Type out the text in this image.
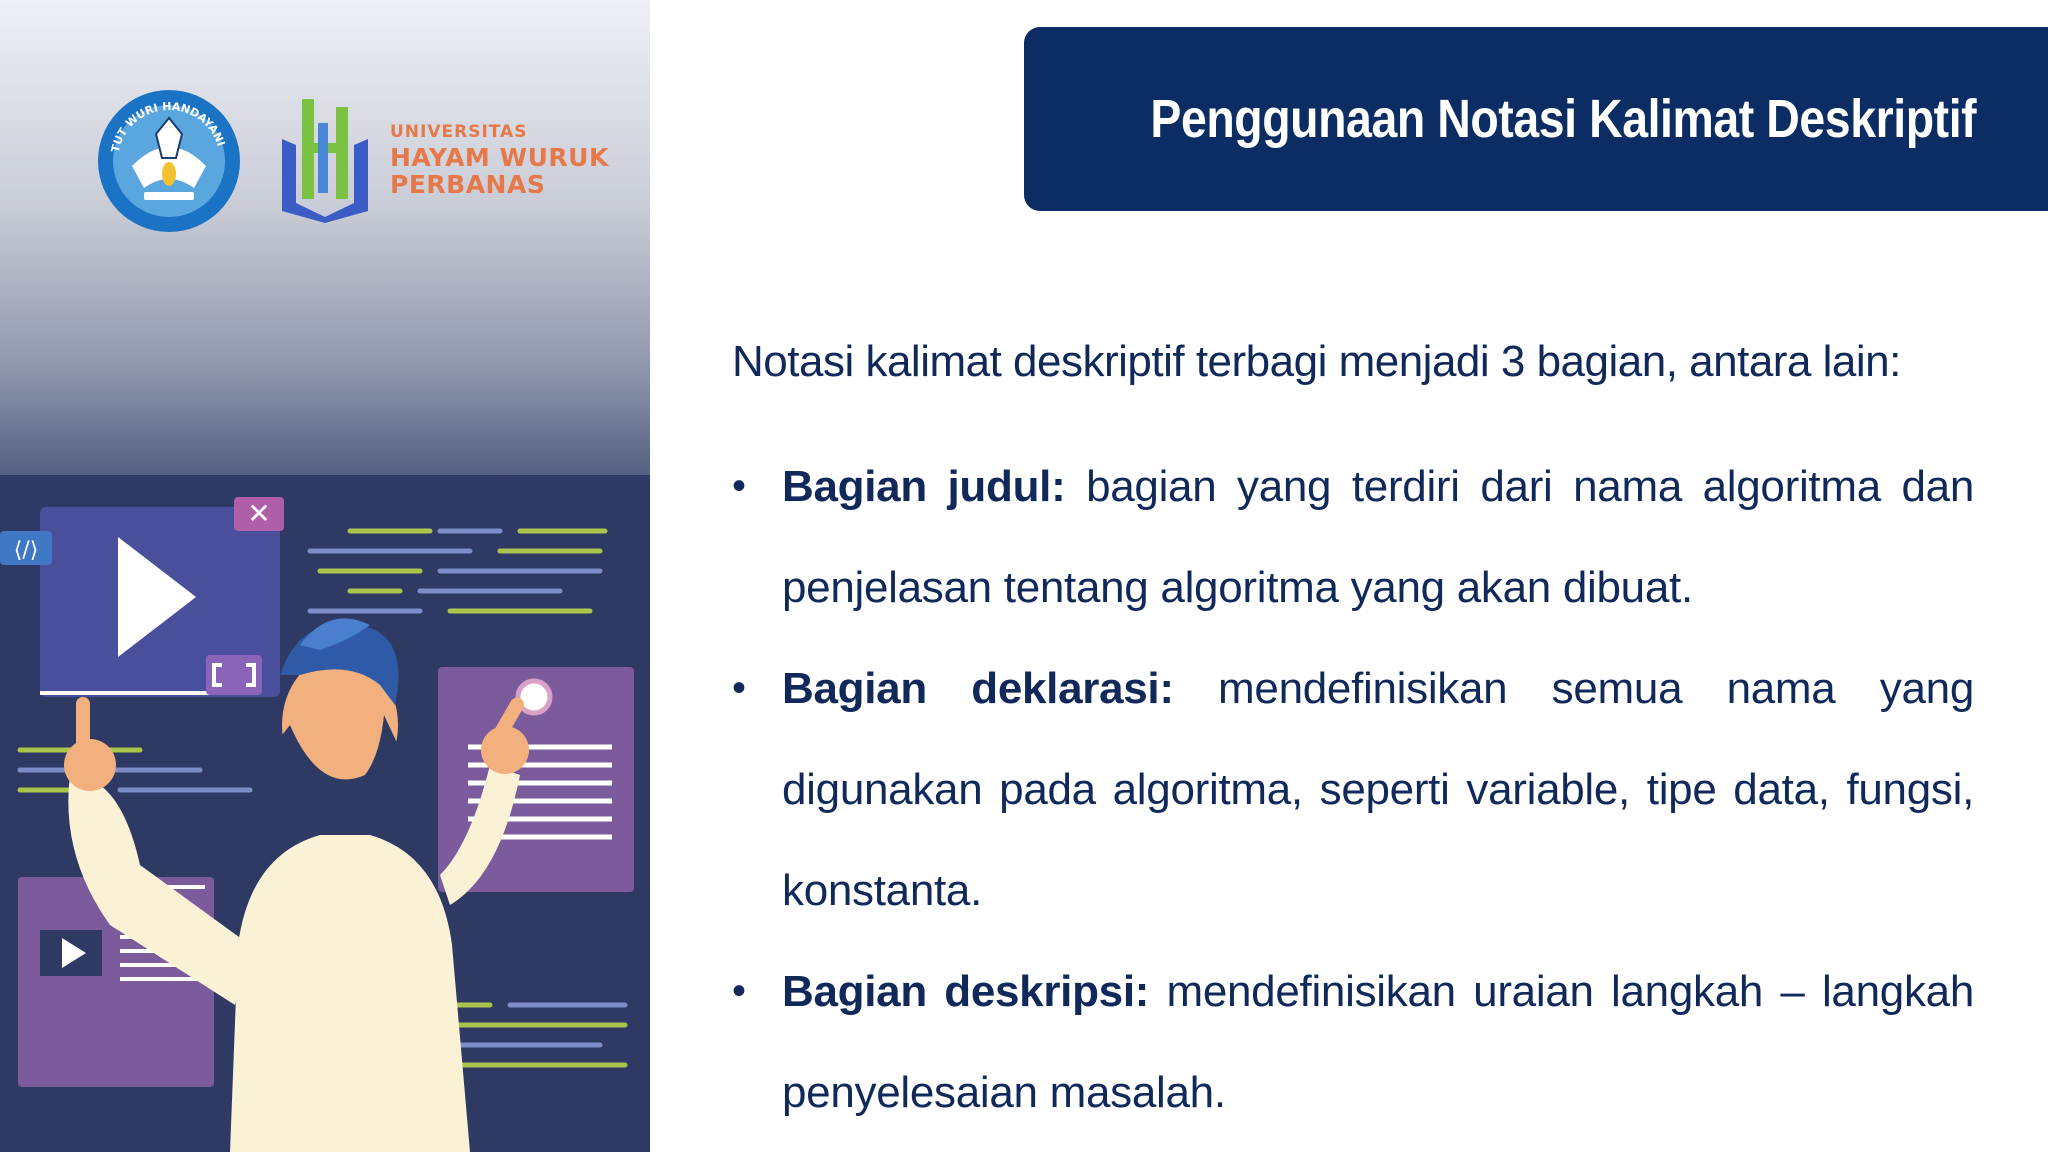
TUT WURI HANDAYANI
UNIVERSITAS
HAYAM WURUK
PERBANAS
✕
⟨/⟩
Penggunaan Notasi Kalimat Deskriptif

Notasi kalimat deskriptif terbagi menjadi 3 bagian, antara lain:

• Bagian judul: bagian yang terdiri dari nama algoritma dan penjelasan tentang algoritma yang akan dibuat.
• Bagian deklarasi: mendefinisikan semua nama yang digunakan pada algoritma, seperti variable, tipe data, fungsi, konstanta.
• Bagian deskripsi: mendefinisikan uraian langkah – langkah penyelesaian masalah.
